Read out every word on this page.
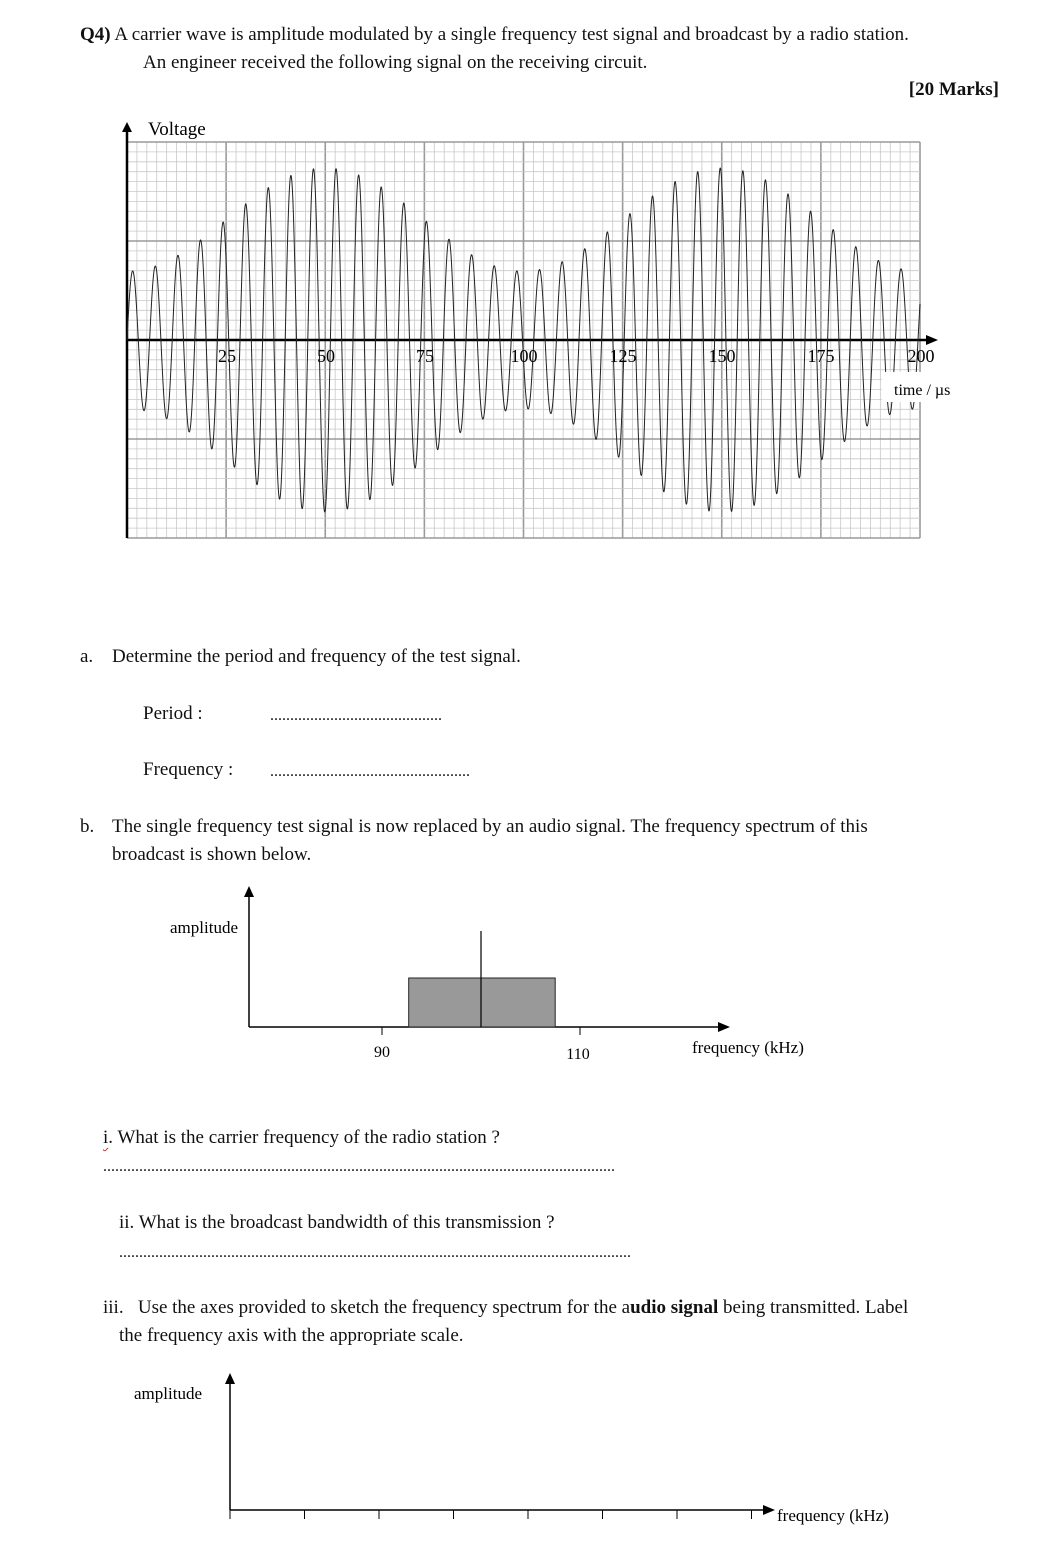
Q4) A carrier wave is amplitude modulated by a single frequency test signal and broadcast by a radio station.
An engineer received the following signal on the receiving circuit.
[20 Marks]
Voltage
25	50	75	100	125	150	175	200
time / µs
a. Determine the period and frequency of the test signal.
Period :	...........................................
Frequency : ..................................................
b. The single frequency test signal is now replaced by an audio signal. The frequency spectrum of this
broadcast is shown below.
amplitude
90	110	frequency (kHz)
i. What is the carrier frequency of the radio station ?
................................................................................................................................
ii. What is the broadcast bandwidth of this transmission ?
................................................................................................................................
iii. Use the axes provided to sketch the frequency spectrum for the audio signal being transmitted. Label
the frequency axis with the appropriate scale.
amplitude
frequency (kHz)
